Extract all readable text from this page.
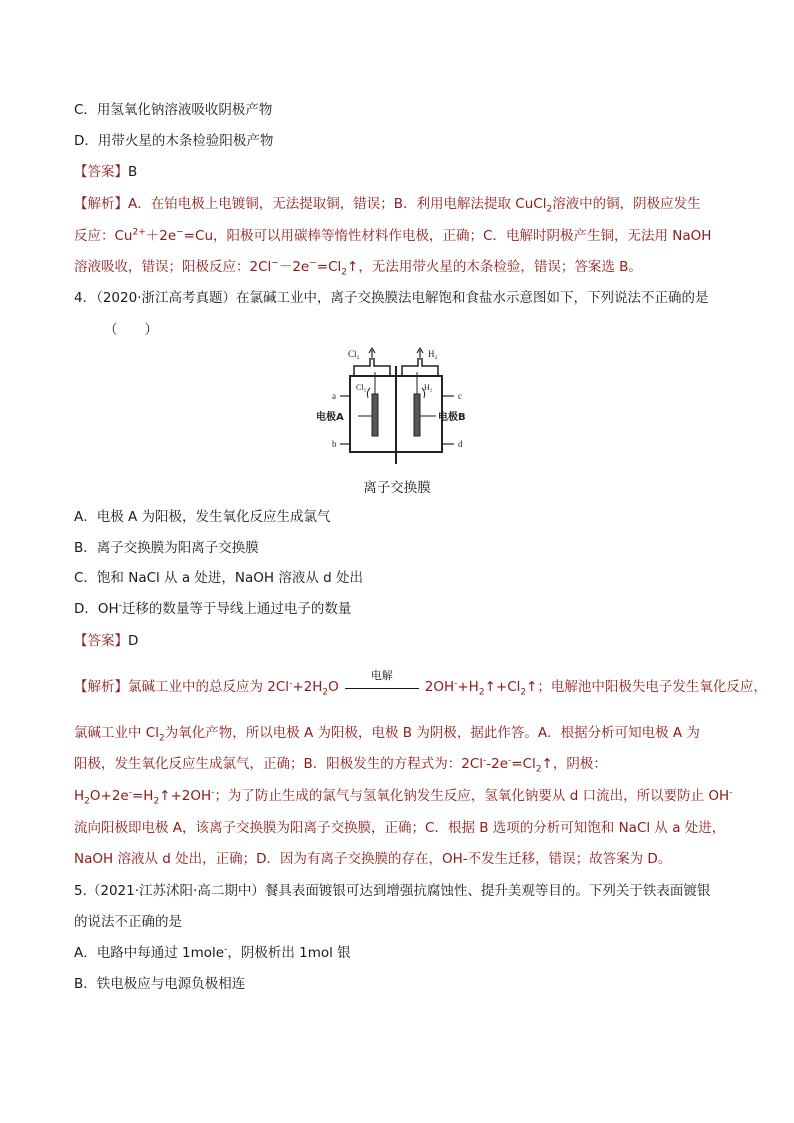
C．用氢氧化钠溶液吸收阴极产物
D．用带火星的木条检验阳极产物
【答案】B
【解析】A．在铂电极上电镀铜，无法提取铜，错误；B．利用电解法提取 CuCl$_2$溶液中的铜，阴极应发生
反应：$Cu^{2+}+2e^-=Cu$，阳极可以用碳棒等惰性材料作电极，正确；C．电解时阴极产生铜，无法用 NaOH
溶液吸收，错误；阳极反应：$2Cl^--2e^-=Cl_2↑$，无法用带火星的木条检验，错误；答案选 B。
4．（2020·浙江高考真题）在氯碱工业中，离子交换膜法电解饱和食盐水示意图如下，下列说法不正确的是
（　　）
Cl₂	H₂
Cl₂	H₂
a	c
b	d
电极A	电极B
离子交换膜
A．电极 A 为阳极，发生氧化反应生成氯气
B．离子交换膜为阳离子交换膜
C．饱和 NaCl 从 a 处进，NaOH 溶液从 d 处出
D．OH-迁移的数量等于导线上通过电子的数量
【答案】D
【解析】氯碱工业中的总反应为 $2Cl^-+2H_2O$
电解
$2OH^-+H_2↑+Cl_2↑$；电解池中阳极失电子发生氧化反应，
氯碱工业中 $Cl_2$为氧化产物，所以电极 A 为阳极，电极 B 为阴极，据此作答。A．根据分析可知电极 A 为
阳极，发生氧化反应生成氯气，正确；B．阳极发生的方程式为：$2Cl^--2e^-=Cl_2↑$，阴极：
$H_2O+2e^-=H_2↑+2OH^-$；为了防止生成的氯气与氢氧化钠发生反应，氢氧化钠要从 d 口流出，所以要防止 OH-
流向阳极即电极 A，该离子交换膜为阳离子交换膜，正确；C．根据 B 选项的分析可知饱和 NaCl 从 a 处进，
NaOH 溶液从 d 处出，正确；D．因为有离子交换膜的存在，OH-不发生迁移，错误；故答案为 D。
5.（2021·江苏沭阳·高二期中）餐具表面镀银可达到增强抗腐蚀性、提升美观等目的。下列关于铁表面镀银
的说法不正确的是
A．电路中每通过 1mole-，阴极析出 1mol 银
B．铁电极应与电源负极相连
